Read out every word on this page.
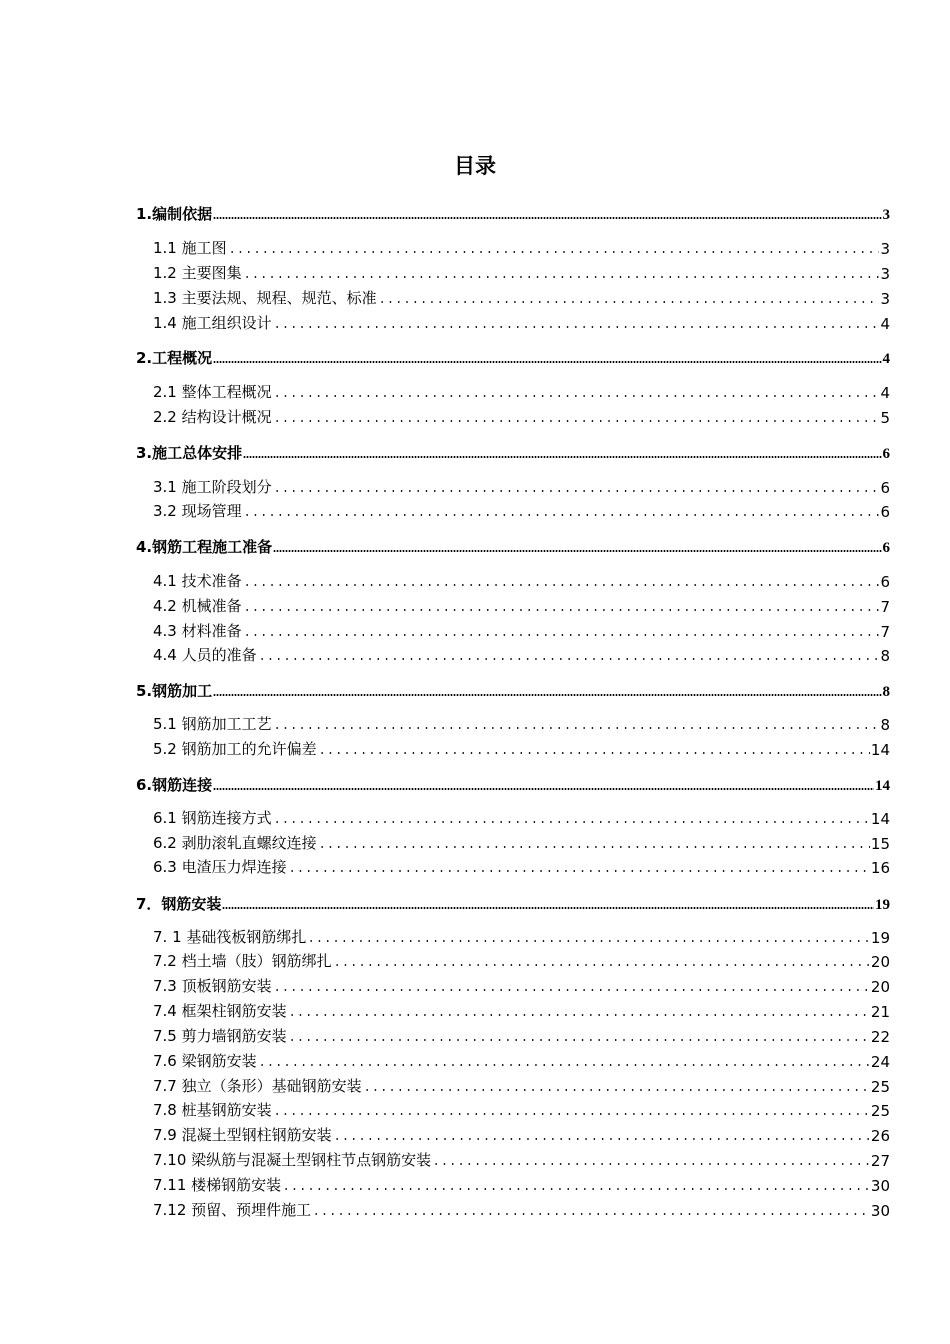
目录
1.编制依据	3
1.1 施工图	3
1.2 主要图集	3
1.3 主要法规、规程、规范、标准	3
1.4 施工组织设计	4
2.工程概况	4
2.1 整体工程概况	4
2.2 结构设计概况	5
3.施工总体安排	6
3.1 施工阶段划分	6
3.2 现场管理	6
4.钢筋工程施工准备	6
4.1 技术准备	6
4.2 机械准备	7
4.3 材料准备	7
4.4 人员的准备	8
5.钢筋加工	8
5.1 钢筋加工工艺	8
5.2 钢筋加工的允许偏差	14
6.钢筋连接	14
6.1 钢筋连接方式	14
6.2 剥肋滚轧直螺纹连接	15
6.3 电渣压力焊连接	16
7．钢筋安装	19
7. 1 基础筏板钢筋绑扎	19
7.2 档土墙（肢）钢筋绑扎	20
7.3 顶板钢筋安装	20
7.4 框架柱钢筋安装	21
7.5 剪力墙钢筋安装	22
7.6 梁钢筋安装	24
7.7 独立（条形）基础钢筋安装	25
7.8 桩基钢筋安装	25
7.9 混凝土型钢柱钢筋安装	26
7.10 梁纵筋与混凝土型钢柱节点钢筋安装	27
7.11 楼梯钢筋安装	30
7.12 预留、预埋件施工	30
